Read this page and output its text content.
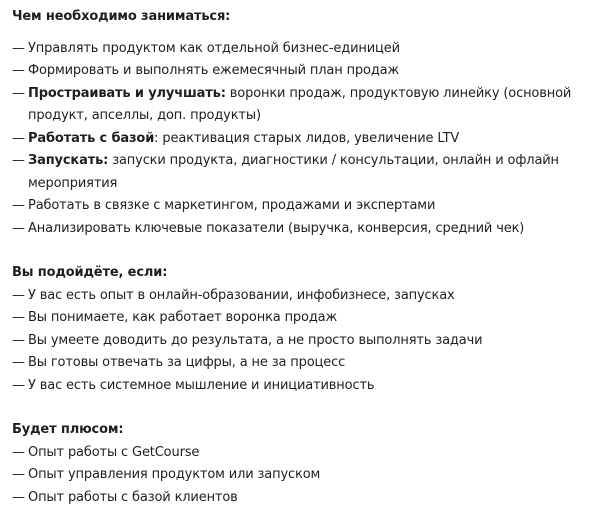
Чем необходимо заниматься:
— Управлять продуктом как отдельной бизнес-единицей
— Формировать и выполнять ежемесячный план продаж
— Простраивать и улучшать: воронки продаж, продуктовую линейку (основной продукт, апселлы, доп. продукты)
— Работать с базой: реактивация старых лидов, увеличение LTV
— Запускать: запуски продукта, диагностики / консультации, онлайн и офлайн мероприятия
— Работать в связке с маркетингом, продажами и экспертами
— Анализировать ключевые показатели (выручка, конверсия, средний чек)
Вы подойдёте, если:
— У вас есть опыт в онлайн-образовании, инфобизнесе, запусках
— Вы понимаете, как работает воронка продаж
— Вы умеете доводить до результата, а не просто выполнять задачи
— Вы готовы отвечать за цифры, а не за процесс
— У вас есть системное мышление и инициативность
Будет плюсом:
— Опыт работы с GetCourse
— Опыт управления продуктом или запуском
— Опыт работы с базой клиентов
